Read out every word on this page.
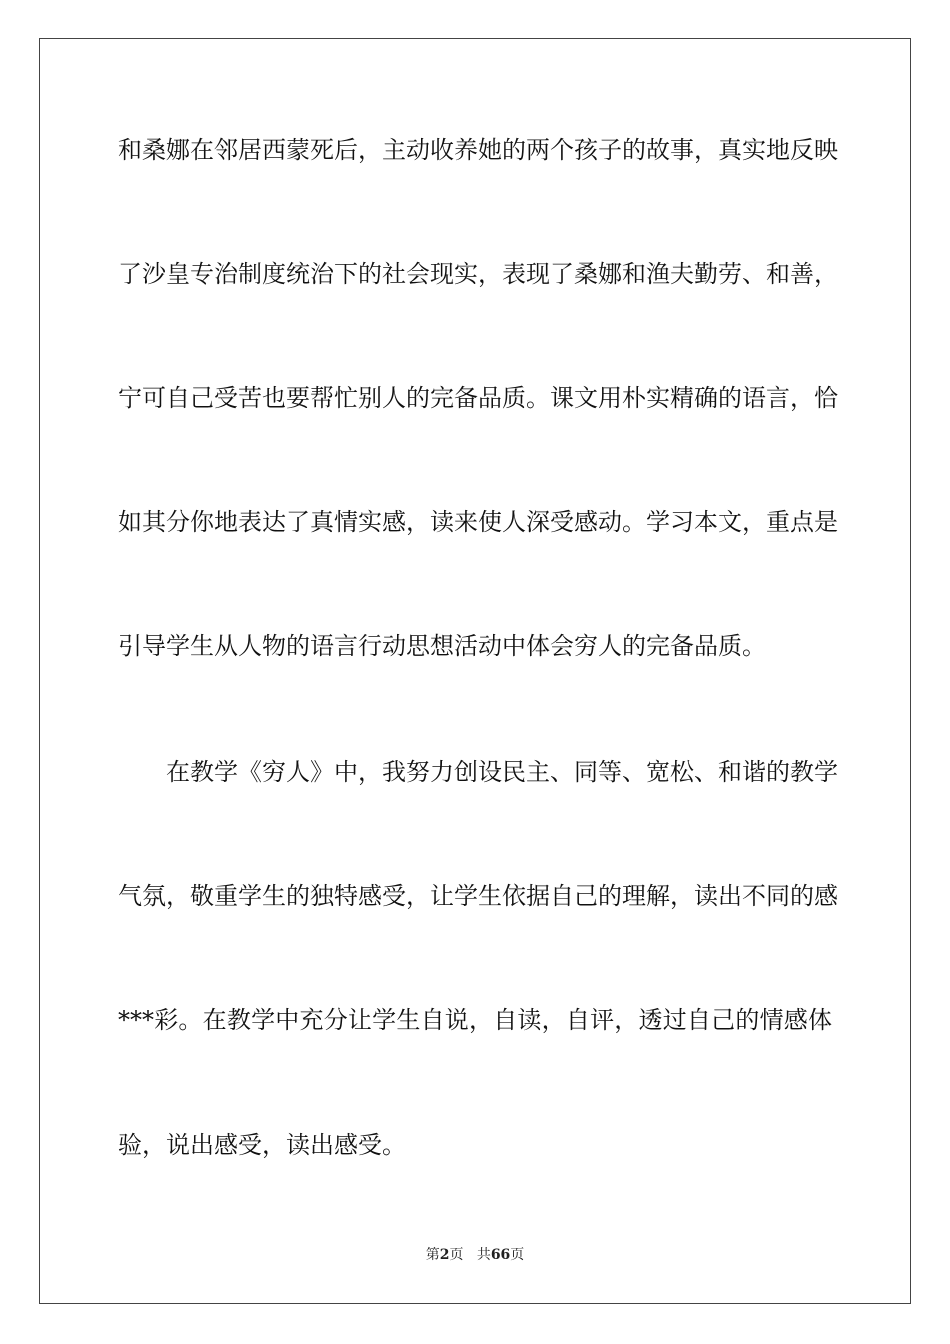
和桑娜在邻居西蒙死后，主动收养她的两个孩子的故事，真实地反映
了沙皇专治制度统治下的社会现实，表现了桑娜和渔夫勤劳、和善，
宁可自己受苦也要帮忙别人的完备品质。课文用朴实精确的语言，恰
如其分你地表达了真情实感，读来使人深受感动。学习本文，重点是
引导学生从人物的语言行动思想活动中体会穷人的完备品质。
在教学《穷人》中，我努力创设民主、同等、宽松、和谐的教学
气氛，敬重学生的独特感受，让学生依据自己的理解，读出不同的感
***彩。在教学中充分让学生自说，自读，自评，透过自己的情感体
验，说出感受，读出感受。
第2页 共66页
